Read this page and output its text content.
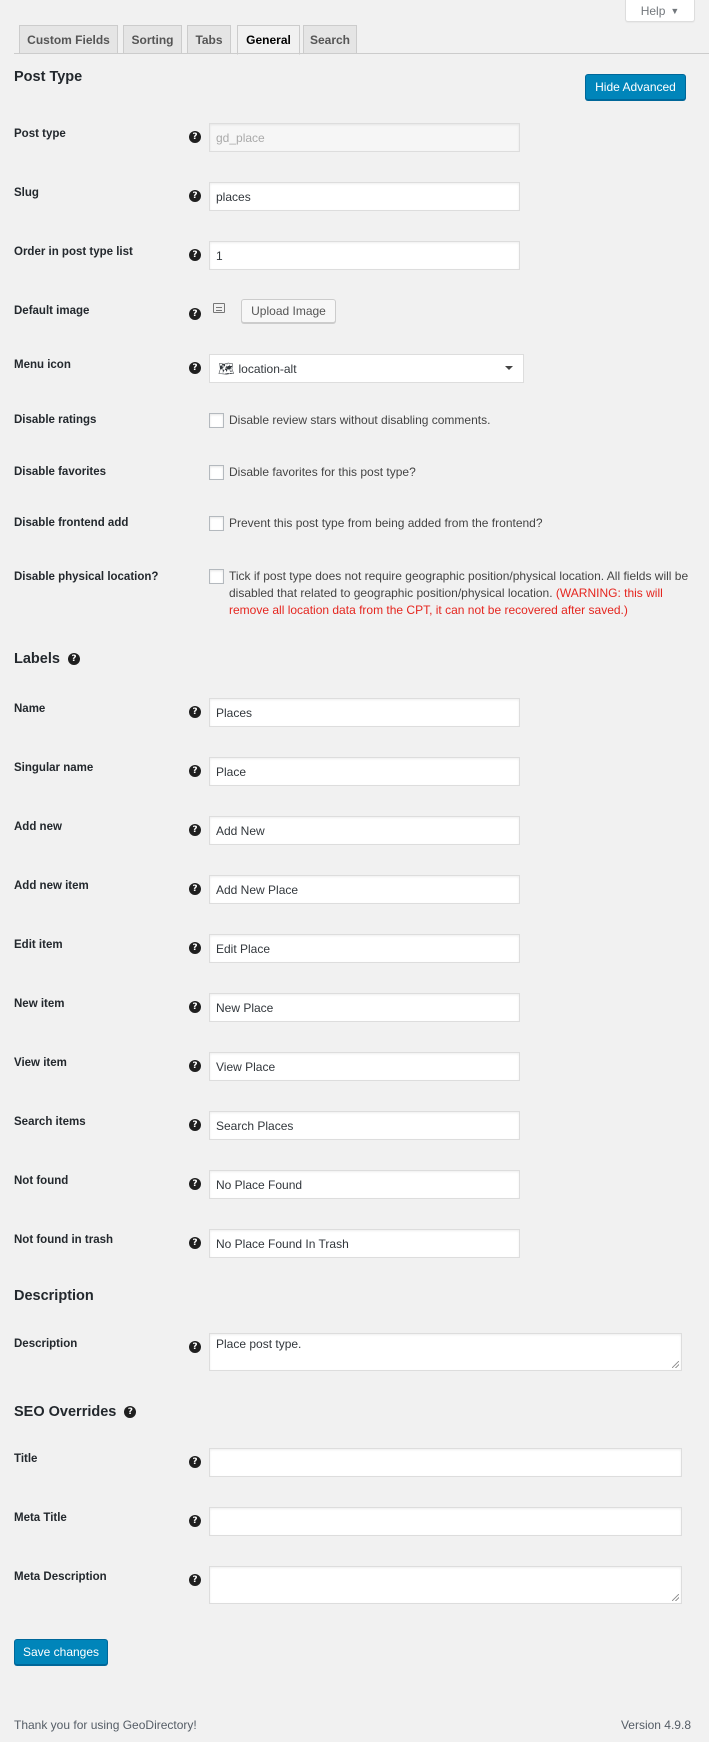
Help ▼
Custom Fields	Sorting	Tabs	General	Search
Post Type
Hide Advanced
Post type	?	gd_place
Slug	?	places
Order in post type list	?	1
Default image	?	Upload Image
Menu icon	? 🗺 location-alt
Disable ratings	Disable review stars without disabling comments.
Disable favorites	Disable favorites for this post type?
Disable frontend add	Prevent this post type from being added from the frontend?
Disable physical location?	Tick if post type does not require geographic position/physical location. All fields will be disabled that related to geographic position/physical location. (WARNING: this will remove all location data from the CPT, it can not be recovered after saved.)
Labels	?
Name	?	Places
Singular name	?	Place
Add new	?	Add New
Add new item	?	Add New Place
Edit item	?	Edit Place
New item	?	New Place
View item	?	View Place
Search items	?	Search Places
Not found	?	No Place Found
Not found in trash	?	No Place Found In Trash
Description
Description	?	Place post type.
SEO Overrides	?
Title	?
Meta Title	?
Meta Description	?
Save changes
Thank you for using GeoDirectory!	Version 4.9.8
